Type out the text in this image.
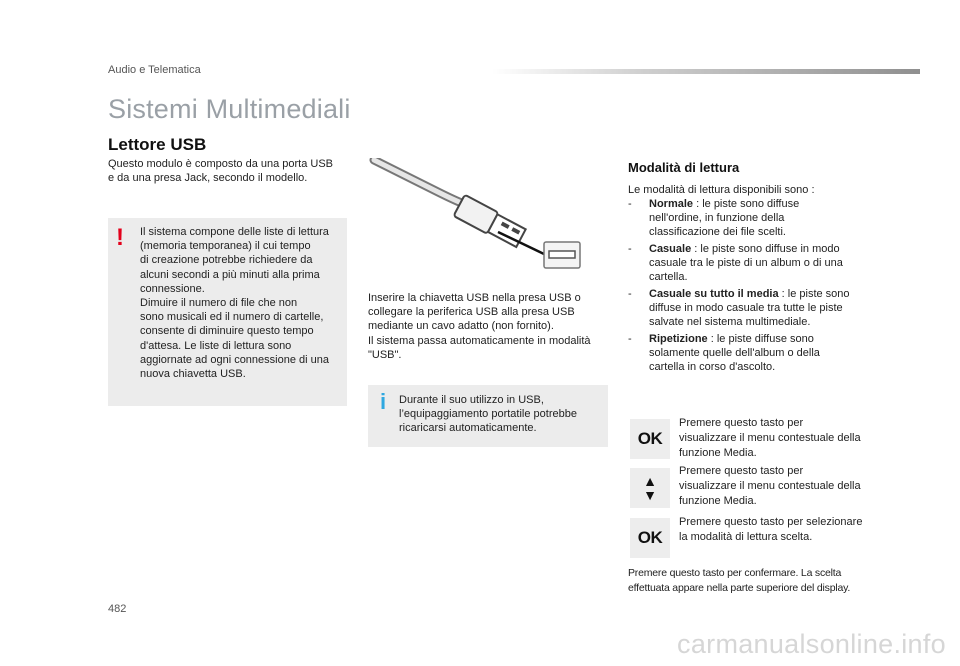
Audio e Telematica
Sistemi Multimediali
Lettore USB
Questo modulo è composto da una porta USB
e da una presa Jack, secondo il modello.
! Il sistema compone delle liste di lettura
(memoria temporanea) il cui tempo
di creazione potrebbe richiedere da
alcuni secondi a più minuti alla prima
connessione.
Dimuire il numero di file che non
sono musicali ed il numero di cartelle,
consente di diminuire questo tempo
d'attesa. Le liste di lettura sono
aggiornate ad ogni connessione di una
nuova chiavetta USB.
Inserire la chiavetta USB nella presa USB o
collegare la periferica USB alla presa USB
mediante un cavo adatto (non fornito).
Il sistema passa automaticamente in modalità
"USB".
i Durante il suo utilizzo in USB,
l’equipaggiamento portatile potrebbe
ricaricarsi automaticamente.
Modalità di lettura
Le modalità di lettura disponibili sono :
- Normale : le piste sono diffuse
nell'ordine, in funzione della
classificazione dei file scelti.
- Casuale : le piste sono diffuse in modo
casuale tra le piste di un album o di una
cartella.
- Casuale su tutto il media : le piste sono
diffuse in modo casuale tra tutte le piste
salvate nel sistema multimediale.
- Ripetizione : le piste diffuse sono
solamente quelle dell'album o della
cartella in corso d'ascolto.
OK
Premere questo tasto per
visualizzare il menu contestuale della
funzione Media.
▲
▼
Premere questo tasto per
visualizzare il menu contestuale della
funzione Media.
OK
Premere questo tasto per selezionare
la modalità di lettura scelta.
Premere questo tasto per confermare. La scelta
effettuata appare nella parte superiore del display.
482
carmanualsonline.info
